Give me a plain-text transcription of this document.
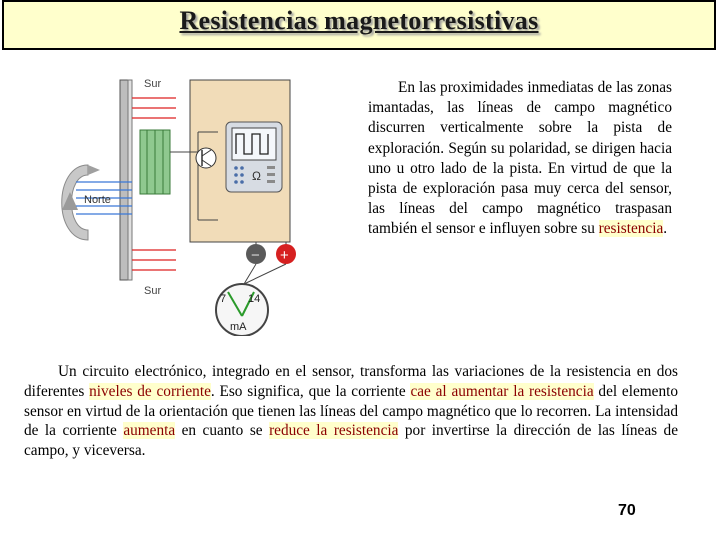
Resistencias magnetorresistivas
Sur
Norte
Sur
Ω
− +
7 14
mA
En las proximidades inmediatas de las zonas imantadas, las líneas de campo magnético discurren verticalmente sobre la pista de exploración. Según su polaridad, se dirigen hacia uno u otro lado de la pista. En virtud de que la pista de exploración pasa muy cerca del sensor, las líneas del campo magnético traspasan también el sensor e influyen sobre su resistencia.
Un circuito electrónico, integrado en el sensor, transforma las variaciones de la resistencia en dos diferentes niveles de corriente. Eso significa, que la corriente cae al aumentar la resistencia del elemento sensor en virtud de la orientación que tienen las líneas del campo magnético que lo recorren. La intensidad de la corriente aumenta en cuanto se reduce la resistencia por invertirse la dirección de las líneas de campo, y viceversa.
70
